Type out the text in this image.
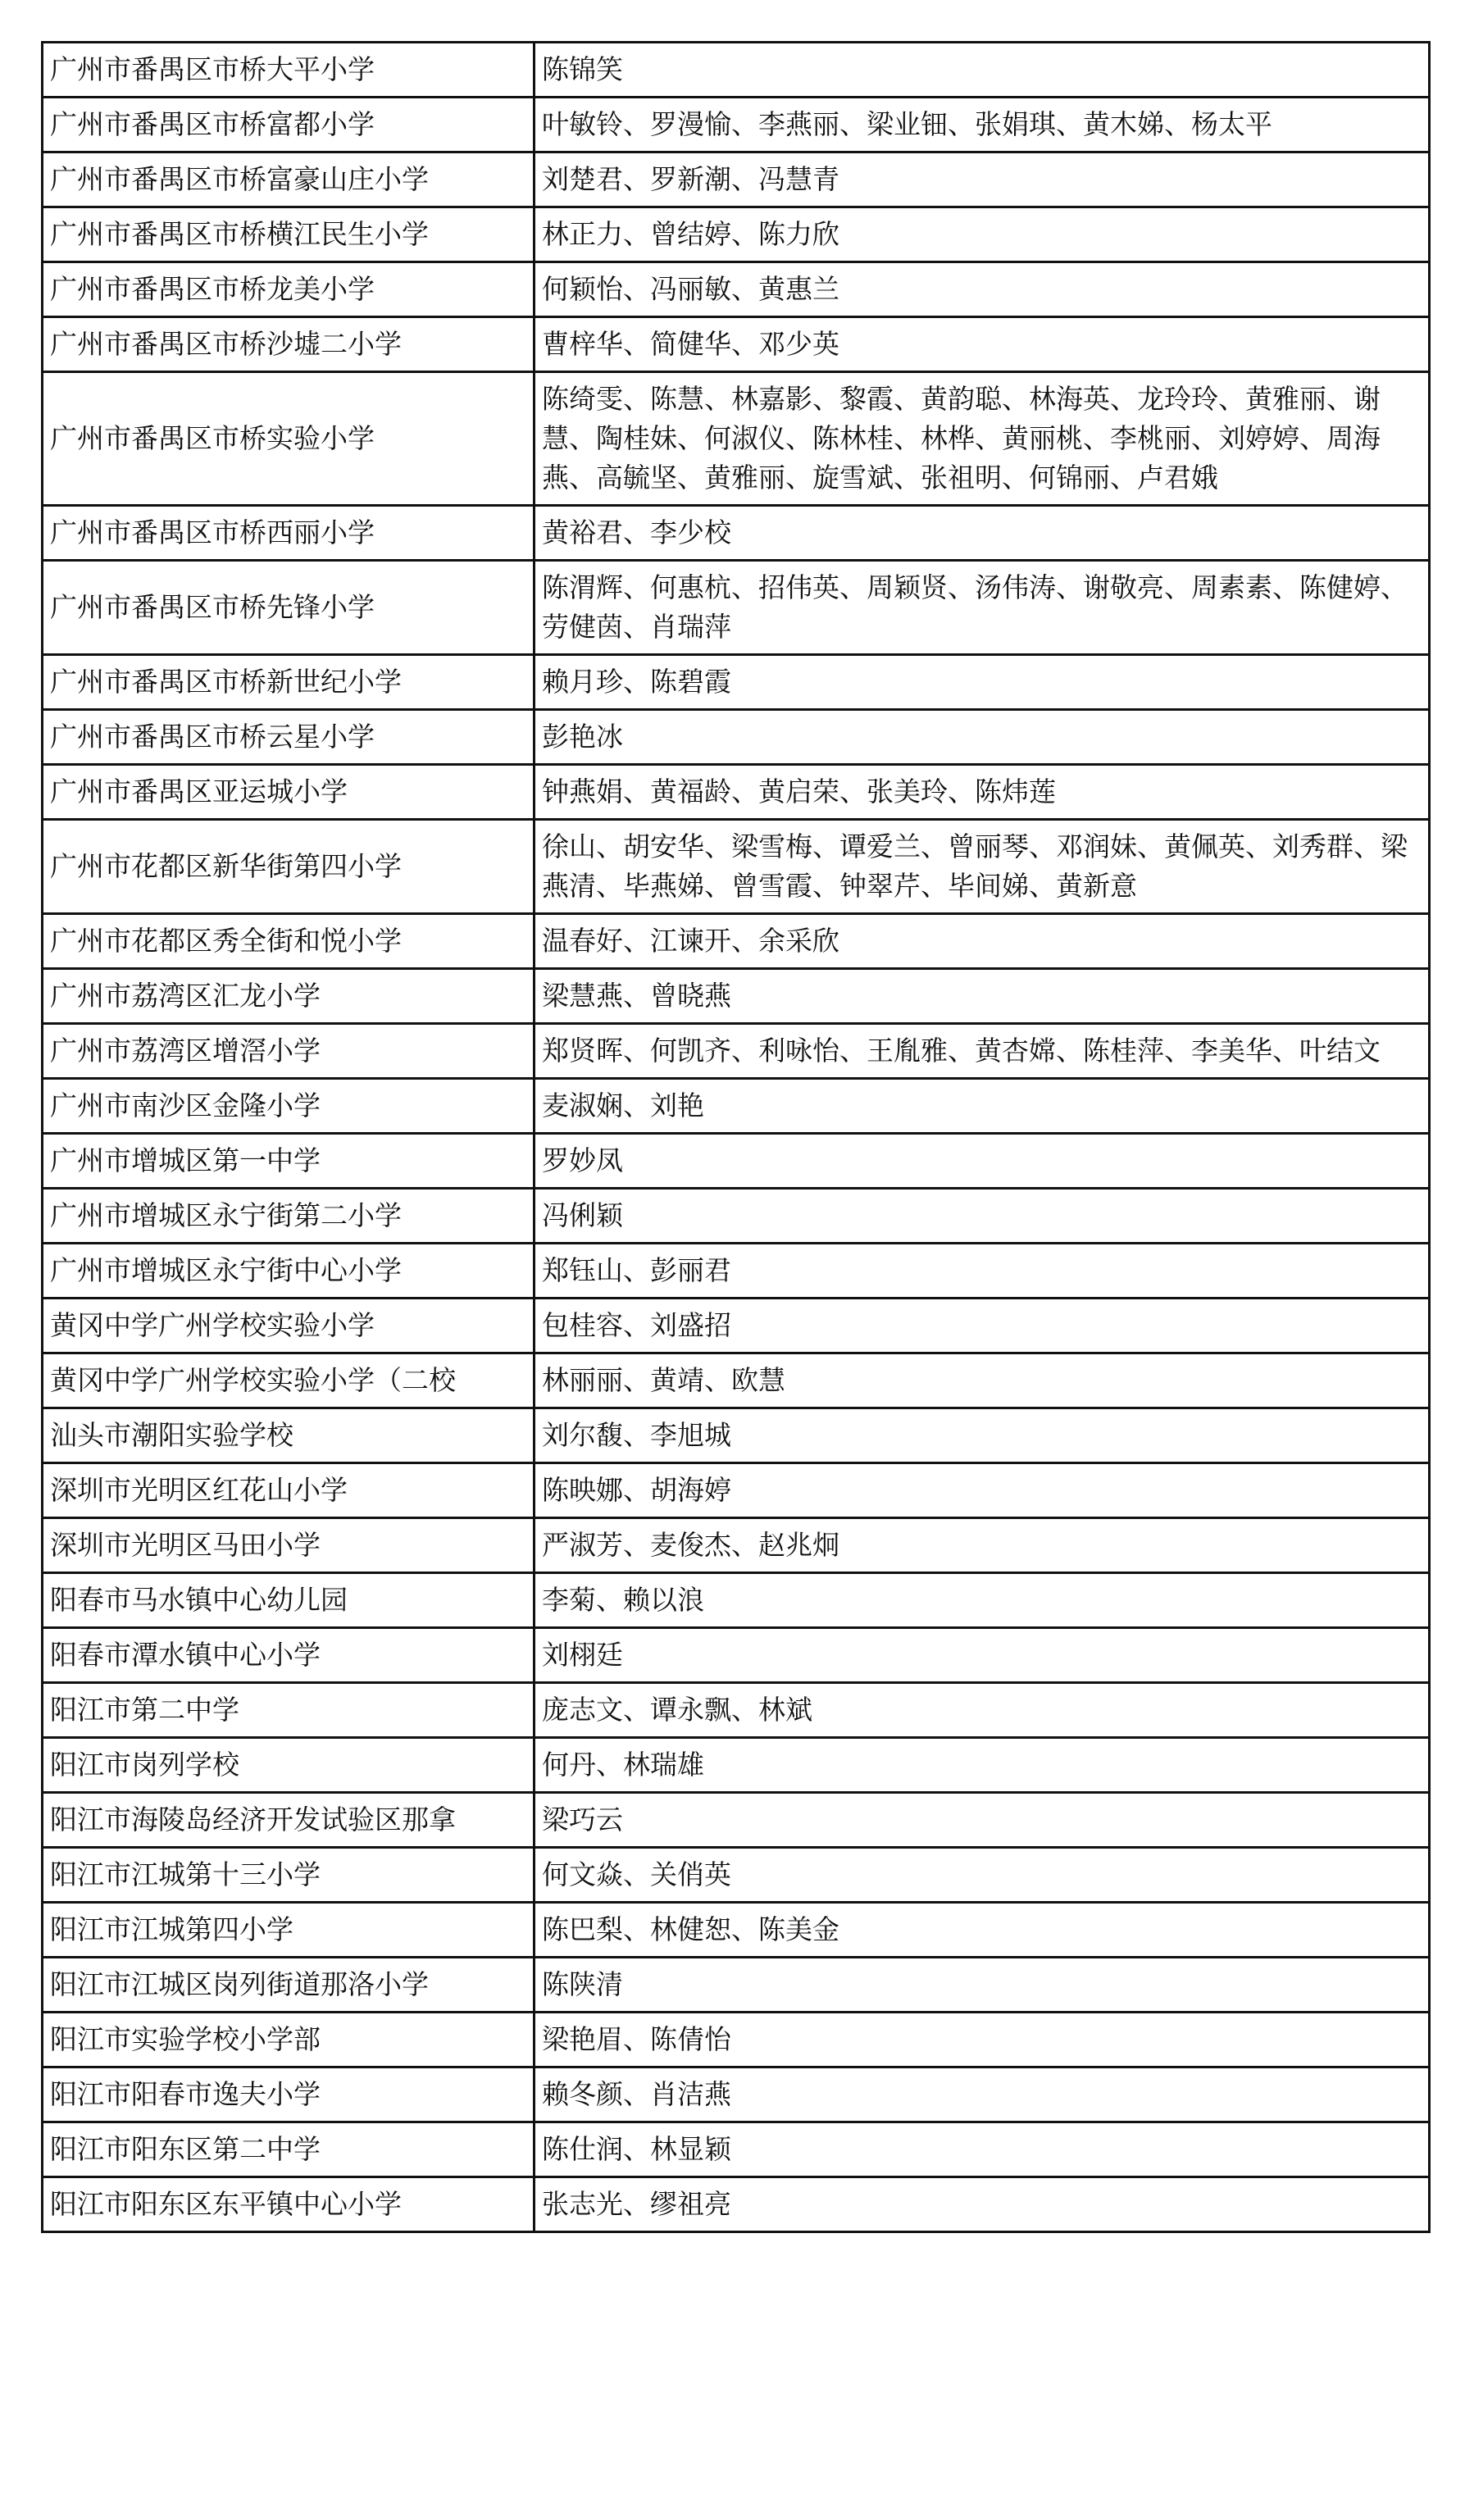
广州市番禺区市桥大平小学	陈锦笑
广州市番禺区市桥富都小学	叶敏铃、罗漫愉、李燕丽、梁业钿、张娟琪、黄木娣、杨太平
广州市番禺区市桥富豪山庄小学	刘楚君、罗新潮、冯慧青
广州市番禺区市桥横江民生小学	林正力、曾结婷、陈力欣
广州市番禺区市桥龙美小学	何颖怡、冯丽敏、黄惠兰
广州市番禺区市桥沙墟二小学	曹梓华、简健华、邓少英
广州市番禺区市桥实验小学	陈绮雯、陈慧、林嘉影、黎霞、黄韵聪、林海英、龙玲玲、黄雅丽、谢慧、陶桂妹、何淑仪、陈林桂、林桦、黄丽桃、李桃丽、刘婷婷、周海燕、高毓坚、黄雅丽、旋雪斌、张祖明、何锦丽、卢君娥
广州市番禺区市桥西丽小学	黄裕君、李少校
广州市番禺区市桥先锋小学	陈渭辉、何惠杭、招伟英、周颖贤、汤伟涛、谢敬亮、周素素、陈健婷、劳健茵、肖瑞萍
广州市番禺区市桥新世纪小学	赖月珍、陈碧霞
广州市番禺区市桥云星小学	彭艳冰
广州市番禺区亚运城小学	钟燕娟、黄福龄、黄启荣、张美玲、陈炜莲
广州市花都区新华街第四小学	徐山、胡安华、梁雪梅、谭爱兰、曾丽琴、邓润妹、黄佩英、刘秀群、梁燕清、毕燕娣、曾雪霞、钟翠芹、毕间娣、黄新意
广州市花都区秀全街和悦小学	温春好、江谏开、余采欣
广州市荔湾区汇龙小学	梁慧燕、曾晓燕
广州市荔湾区增滘小学	郑贤晖、何凯齐、利咏怡、王胤雅、黄杏嫦、陈桂萍、李美华、叶结文
广州市南沙区金隆小学	麦淑娴、刘艳
广州市增城区第一中学	罗妙凤
广州市增城区永宁街第二小学	冯俐颖
广州市增城区永宁街中心小学	郑钰山、彭丽君
黄冈中学广州学校实验小学	包桂容、刘盛招
黄冈中学广州学校实验小学（二校	林丽丽、黄靖、欧慧
汕头市潮阳实验学校	刘尔馥、李旭城
深圳市光明区红花山小学	陈映娜、胡海婷
深圳市光明区马田小学	严淑芳、麦俊杰、赵兆炯
阳春市马水镇中心幼儿园	李菊、赖以浪
阳春市潭水镇中心小学	刘栩廷
阳江市第二中学	庞志文、谭永飘、林斌
阳江市岗列学校	何丹、林瑞雄
阳江市海陵岛经济开发试验区那拿	梁巧云
阳江市江城第十三小学	何文焱、关俏英
阳江市江城第四小学	陈巴梨、林健恕、陈美金
阳江市江城区岗列街道那洛小学	陈陕清
阳江市实验学校小学部	梁艳眉、陈倩怡
阳江市阳春市逸夫小学	赖冬颜、肖洁燕
阳江市阳东区第二中学	陈仕润、林显颖
阳江市阳东区东平镇中心小学	张志光、缪祖亮
